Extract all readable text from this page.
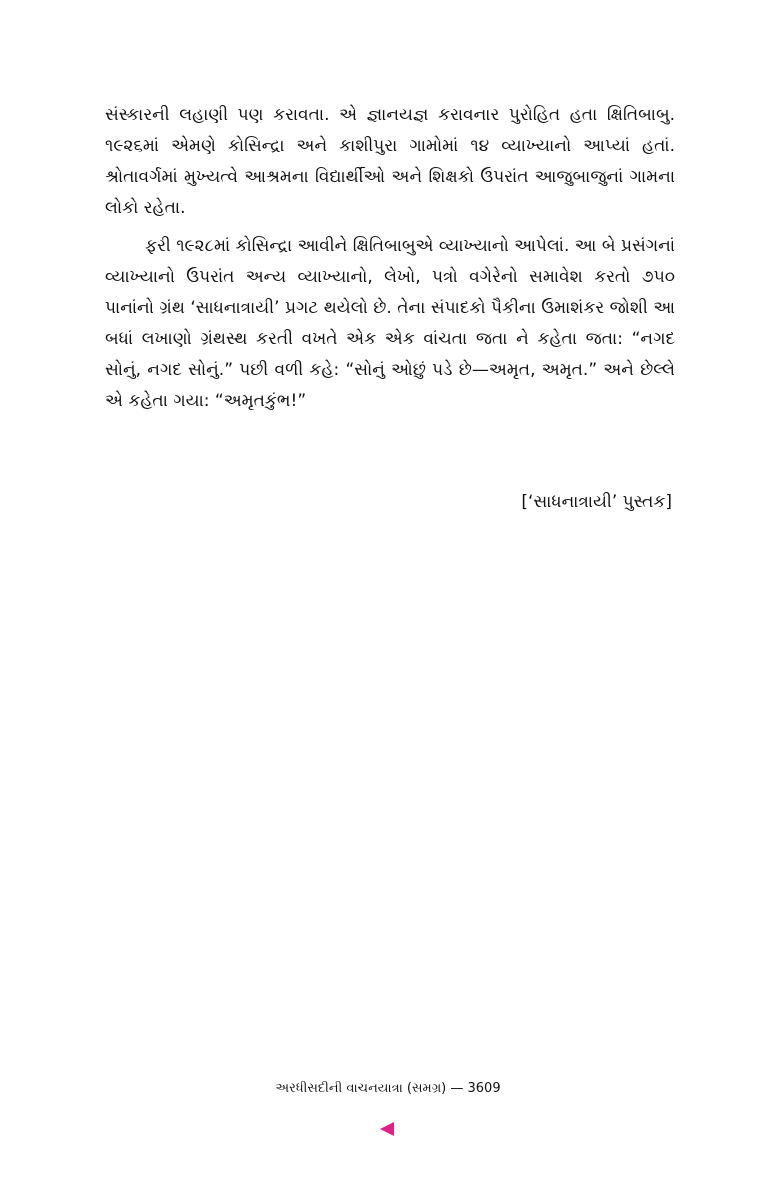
સંસ્કારની લહાણી પણ કરાવતા. એ જ્ઞાનયજ્ઞ કરાવનાર પુરોહિત હતા ક્ષિતિબાબુ. ૧૯૨૬માં એમણે કોસિન્દ્રા અને કાશીપુરા ગામોમાં ૧૪ વ્યાખ્યાનો આપ્યાં હતાં. શ્રોતાવર્ગમાં મુખ્યત્વે આશ્રમના વિદ્યાર્થીઓ અને શિક્ષકો ઉપરાંત આજુબાજુનાં ગામના લોકો રહેતા.

ફરી ૧૯૨૮માં કોસિન્દ્રા આવીને ક્ષિતિબાબુએ વ્યાખ્યાનો આપેલાં. આ બે પ્રસંગનાં વ્યાખ્યાનો ઉપરાંત અન્ય વ્યાખ્યાનો, લેખો, પત્રો વગેરેનો સમાવેશ કરતો ૭૫૦ પાનાંનો ગ્રંથ ‘સાધનાત્રાયી’ પ્રગટ થયેલો છે. તેના સંપાદકો પૈકીના ઉમાશંકર જોશી આ બધાં લખાણો ગ્રંથસ્થ કરતી વખતે એક એક વાંચતા જતા ને કહેતા જતા: “નગદ સોનું, નગદ સોનું.” પછી વળી કહે: “સોનું ઓછું પડે છે—અમૃત, અમૃત.” અને છેલ્લે એ કહેતા ગયા: “અમૃતકુંભ!”

[‘સાધનાત્રાયી’ પુસ્તક]
અરધીસદીની વાચનયાત્રા (સમગ્ર) — 3609
